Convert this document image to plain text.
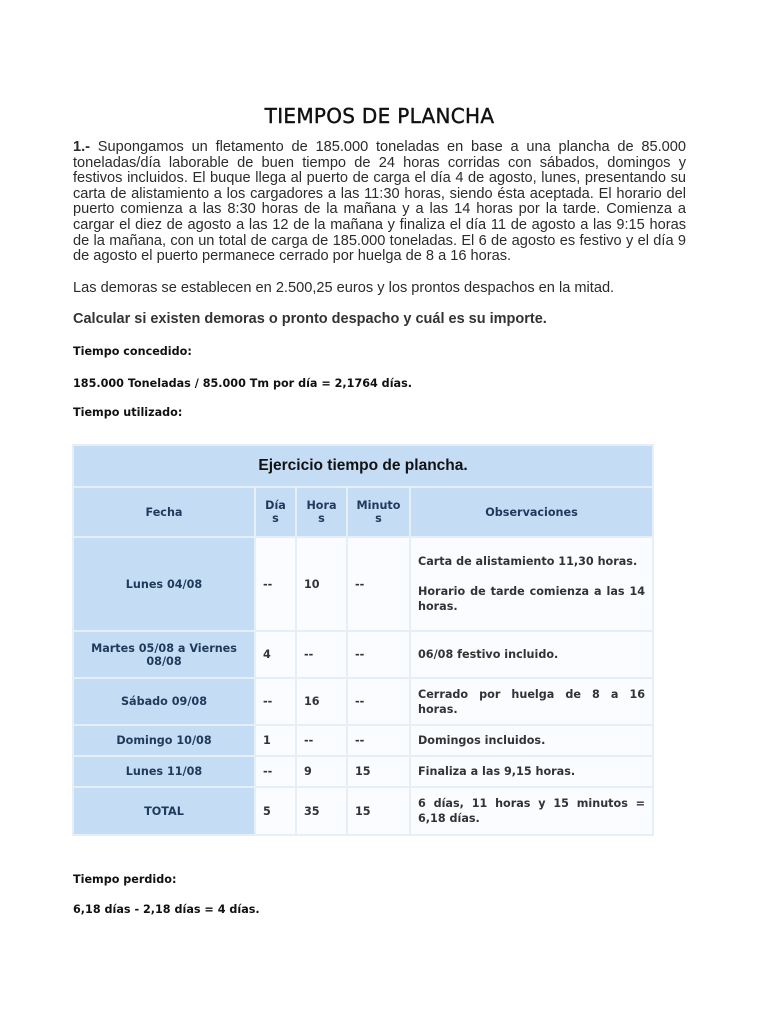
TIEMPOS DE PLANCHA

1.- Supongamos un fletamento de 185.000 toneladas en base a una plancha de 85.000 toneladas/día laborable de buen tiempo de 24 horas corridas con sábados, domingos y festivos incluidos. El buque llega al puerto de carga el día 4 de agosto, lunes, presentando su carta de alistamiento a los cargadores a las 11:30 horas, siendo ésta aceptada. El horario del puerto comienza a las 8:30 horas de la mañana y a las 14 horas por la tarde. Comienza a cargar el diez de agosto a las 12 de la mañana y finaliza el día 11 de agosto a las 9:15 horas de la mañana, con un total de carga de 185.000 toneladas. El 6 de agosto es festivo y el día 9 de agosto el puerto permanece cerrado por huelga de 8 a 16 horas.

Las demoras se establecen en 2.500,25 euros y los prontos despachos en la mitad.

Calcular si existen demoras o pronto despacho y cuál es su importe.
Tiempo concedido:
185.000 Toneladas / 85.000 Tm por día = 2,1764 días.
Tiempo utilizado:
Ejercicio tiempo de plancha.				
Fecha	Día s	Hora s	Minuto s	Observaciones
Lunes 04/08	--	10	--	Carta de alistamiento 11,30 horas.

Horario de tarde comienza a las 14 horas.

Martes 05/08 a Viernes 08/08	4	--	--	06/08 festivo incluido.

Sábado 09/08	--	16	--	Cerrado por huelga de 8 a 16 horas.

Domingo 10/08	1	--	--	Domingos incluidos.

Lunes 11/08	--	9	15	Finaliza a las 9,15 horas.

TOTAL	5	35	15	6 días, 11 horas y 15 minutos = 6,18 días.

Tiempo perdido:
6,18 días - 2,18 días = 4 días.
